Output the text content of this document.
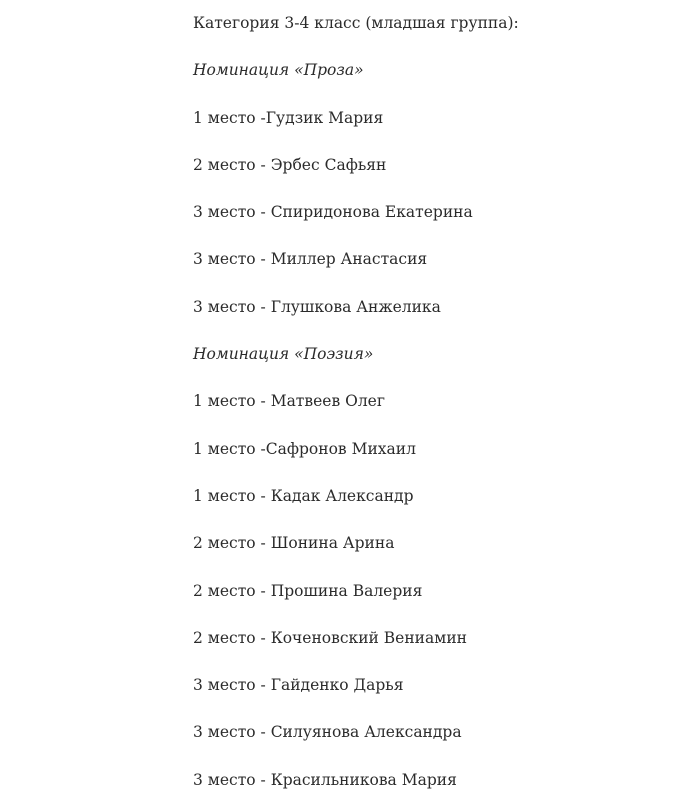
Категория 3-4 класс (младшая группа):
Номинация «Проза»
1 место -Гудзик Мария
2 место - Эрбес Сафьян
3 место - Спиридонова Екатерина
3 место - Миллер Анастасия
3 место - Глушкова Анжелика
Номинация «Поэзия»
1 место - Матвеев Олег
1 место -Сафронов Михаил
1 место - Кадак Александр
2 место - Шонина Арина
2 место - Прошина Валерия
2 место - Коченовский Вениамин
3 место - Гайденко Дарья
3 место - Силуянова Александра
3 место - Красильникова Мария
